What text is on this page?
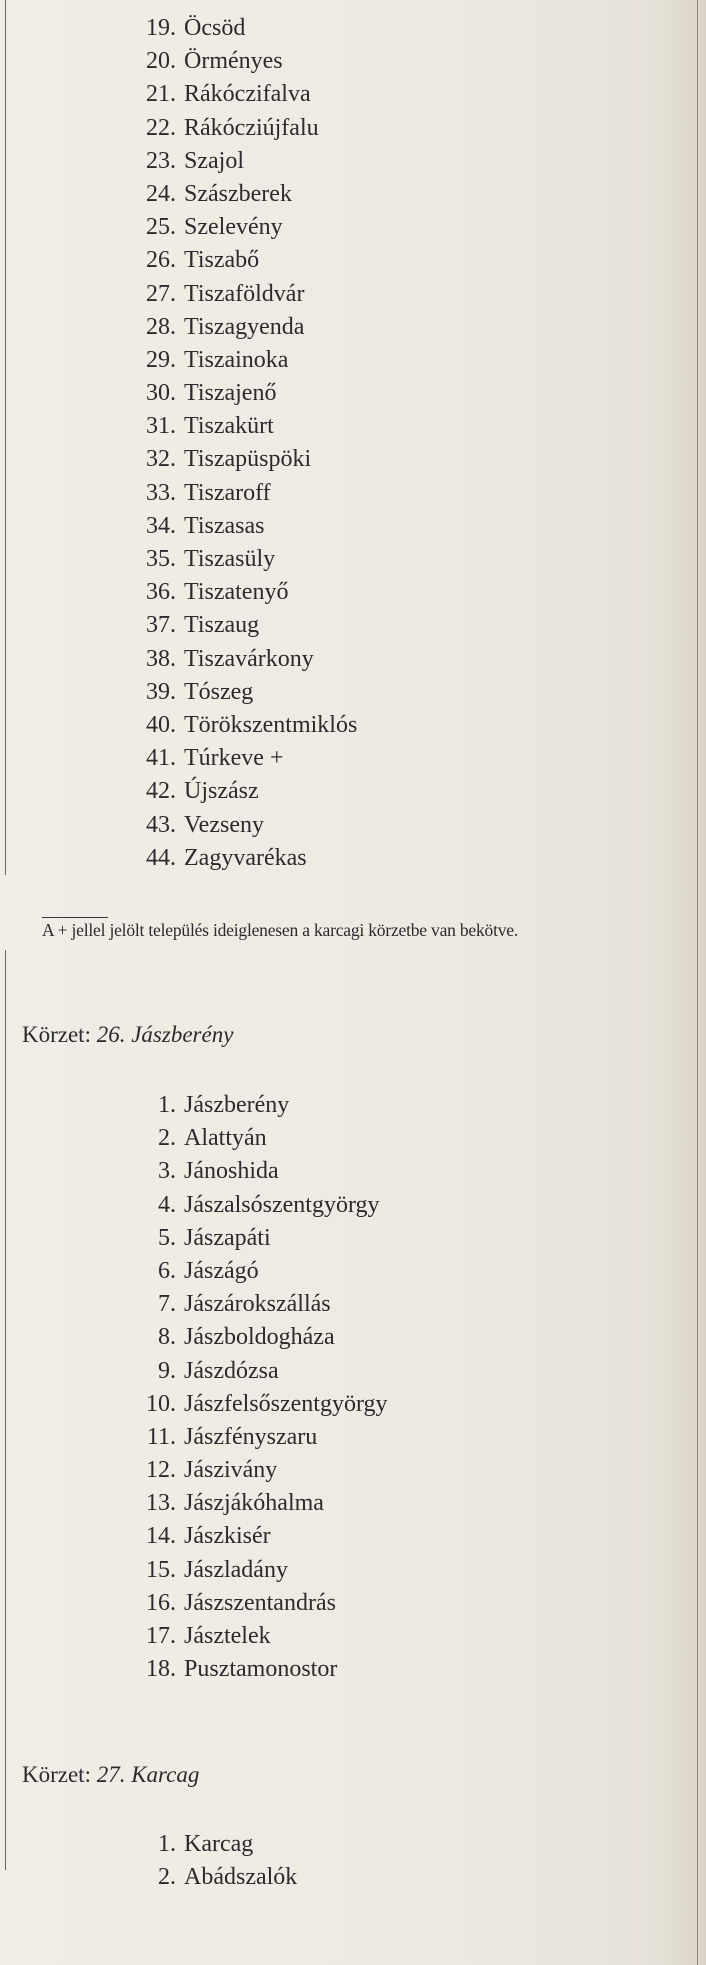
19. Öcsöd
20. Örményes
21. Rákóczifalva
22. Rákócziújfalu
23. Szajol
24. Szászberek
25. Szelevény
26. Tiszabő
27. Tiszaföldvár
28. Tiszagyenda
29. Tiszainoka
30. Tiszajenő
31. Tiszakürt
32. Tiszapüspöki
33. Tiszaroff
34. Tiszasas
35. Tiszasüly
36. Tiszatenyő
37. Tiszaug
38. Tiszavárkony
39. Tószeg
40. Törökszentmiklós
41. Túrkeve +
42. Újszász
43. Vezseny
44. Zagyvarékas
A + jellel jelölt település ideiglenesen a karcagi körzetbe van bekötve.
Körzet: 26. Jászberény
1. Jászberény
2. Alattyán
3. Jánoshida
4. Jászalsószentgyörgy
5. Jászapáti
6. Jászágó
7. Jászárokszállás
8. Jászboldogháza
9. Jászdózsa
10. Jászfelsőszentgyörgy
11. Jászfényszaru
12. Jászivány
13. Jászjákóhalma
14. Jászkisér
15. Jászladány
16. Jászszentandrás
17. Jásztelek
18. Pusztamonostor
Körzet: 27. Karcag
1. Karcag
2. Abádszalók
